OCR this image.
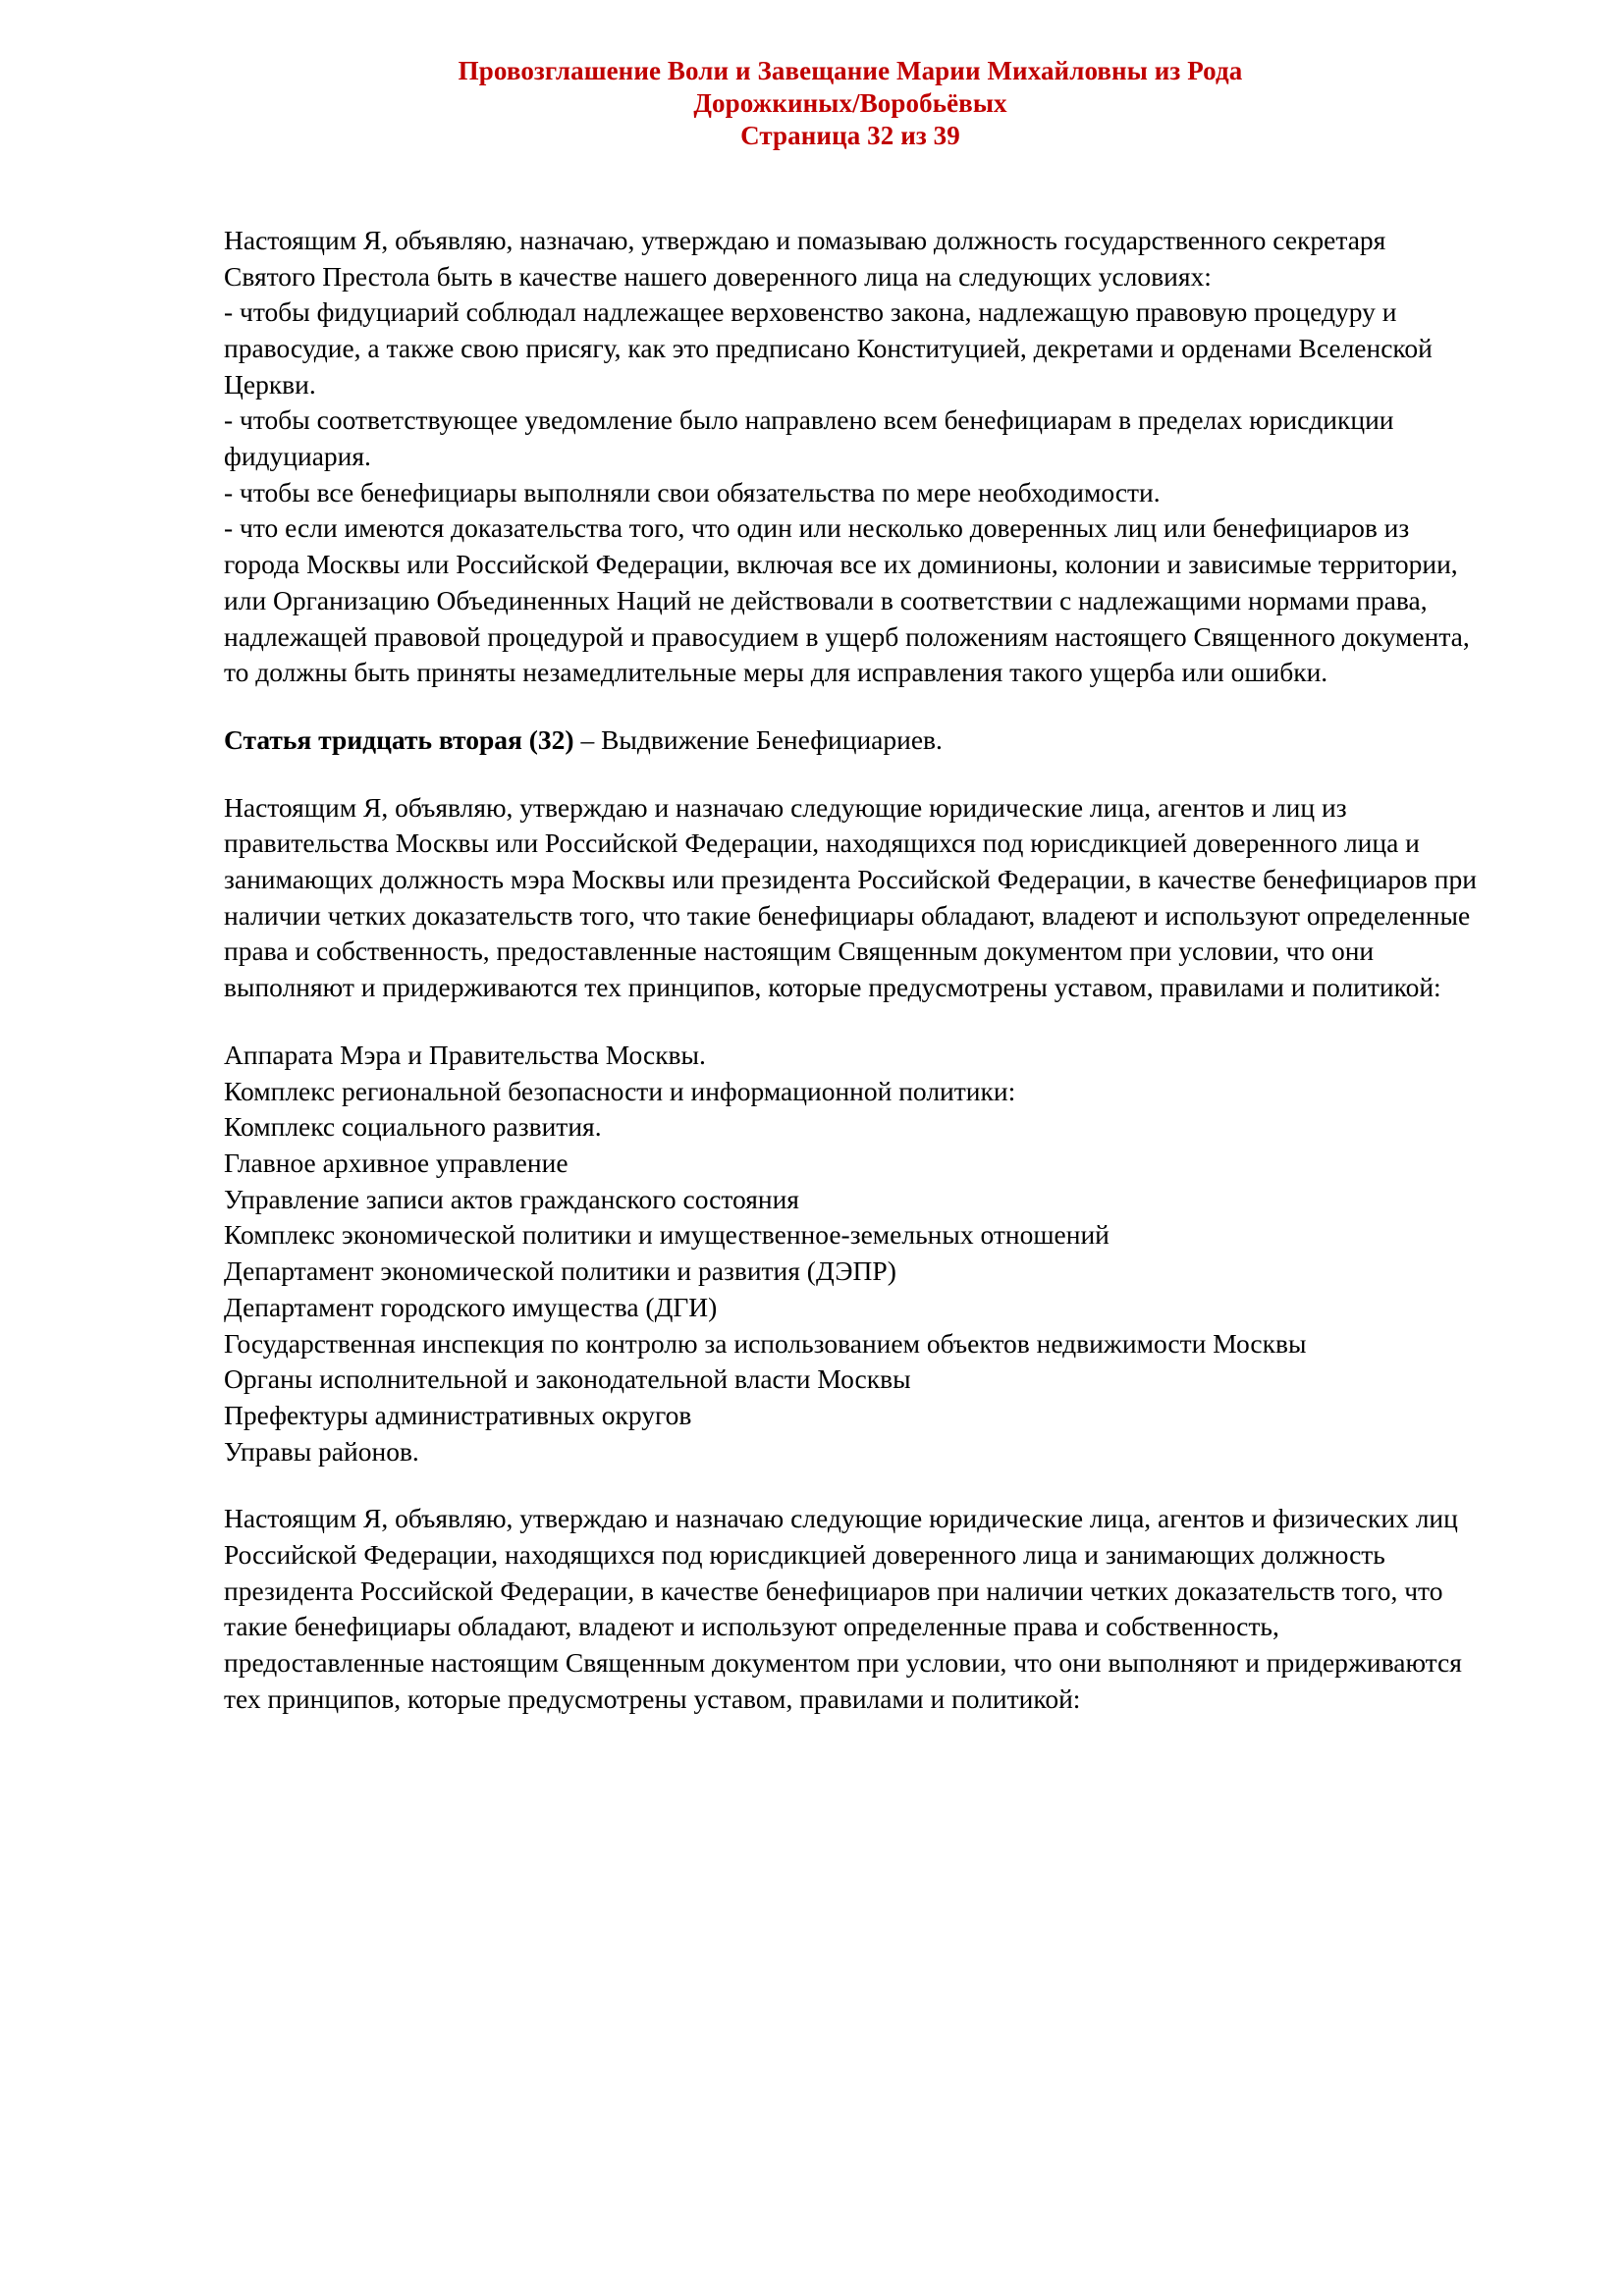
Провозглашение Воли и Завещание Марии Михайловны из Рода
Дорожкиных/Воробьёвых
Страница 32 из 39

Настоящим Я, объявляю, назначаю, утверждаю и помазываю должность государственного секретаря Святого Престола быть в качестве нашего доверенного лица на следующих условиях:

- чтобы фидуциарий соблюдал надлежащее верховенство закона, надлежащую правовую процедуру и правосудие, а также свою присягу, как это предписано Конституцией, декретами и орденами Вселенской Церкви.

- чтобы соответствующее уведомление было направлено всем бенефициарам в пределах юрисдикции фидуциария.

- чтобы все бенефициары выполняли свои обязательства по мере необходимости.

- что если имеются доказательства того, что один или несколько доверенных лиц или бенефициаров из города Москвы или Российской Федерации, включая все их доминионы, колонии и зависимые территории, или Организацию Объединенных Наций не действовали в соответствии с надлежащими нормами права, надлежащей правовой процедурой и правосудием в ущерб положениям настоящего Священного документа, то должны быть приняты незамедлительные меры для исправления такого ущерба или ошибки.

Статья тридцать вторая (32) – Выдвижение Бенефициариев.

Настоящим Я, объявляю, утверждаю и назначаю следующие юридические лица, агентов и лиц из правительства Москвы или Российской Федерации, находящихся под юрисдикцией доверенного лица и занимающих должность мэра Москвы или президента Российской Федерации, в качестве бенефициаров при наличии четких доказательств того, что такие бенефициары обладают, владеют и используют определенные права и собственность, предоставленные настоящим Священным документом при условии, что они выполняют и придерживаются тех принципов, которые предусмотрены уставом, правилами и политикой:

Аппарата Мэра и Правительства Москвы.

Комплекс региональной безопасности и информационной политики:

Комплекс социального развития.

Главное архивное управление

Управление записи актов гражданского состояния

Комплекс экономической политики и имущественное-земельных отношений

Департамент экономической политики и развития (ДЭПР)

Департамент городского имущества (ДГИ)

Государственная инспекция по контролю за использованием объектов недвижимости Москвы

Органы исполнительной и законодательной власти Москвы

Префектуры административных округов

Управы районов.

Настоящим Я, объявляю, утверждаю и назначаю следующие юридические лица, агентов и физических лиц Российской Федерации, находящихся под юрисдикцией доверенного лица и занимающих должность президента Российской Федерации, в качестве бенефициаров при наличии четких доказательств того, что такие бенефициары обладают, владеют и используют определенные права и собственность, предоставленные настоящим Священным документом при условии, что они выполняют и придерживаются тех принципов, которые предусмотрены уставом, правилами и политикой:
